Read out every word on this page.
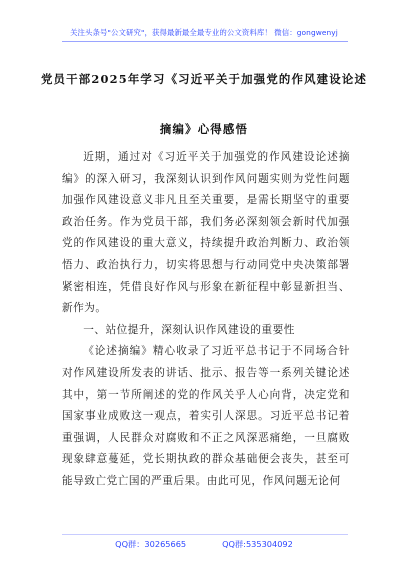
关注头条号"公文研究"，获得最新最全最专业的公文资料库！ 微信：gongwenyj
党员干部2025年学习《习近平关于加强党的作风建设论述
摘编》心得感悟

近期，通过对《习近平关于加强党的作风建设论述摘编》的深入研习，我深刻认识到作风问题实则为党性问题加强作风建设意义非凡且至关重要，是需长期坚守的重要政治任务。作为党员干部，我们务必深刻领会新时代加强党的作风建设的重大意义，持续提升政治判断力、政治领悟力、政治执行力，切实将思想与行动同党中央决策部署紧密相连，凭借良好作风与形象在新征程中彰显新担当、新作为。

一、站位提升，深刻认识作风建设的重要性

《论述摘编》精心收录了习近平总书记于不同场合针对作风建设所发表的讲话、批示、报告等一系列关键论述其中，第一节所阐述的党的作风关乎人心向背，决定党和国家事业成败这一观点，着实引人深思。习近平总书记着重强调，人民群众对腐败和不正之风深恶痛绝，一旦腐败现象肆意蔓延，党长期执政的群众基础便会丧失，甚至可能导致亡党亡国的严重后果。由此可见，作风问题无论何

QQ群：30265665	QQ群:535304092
